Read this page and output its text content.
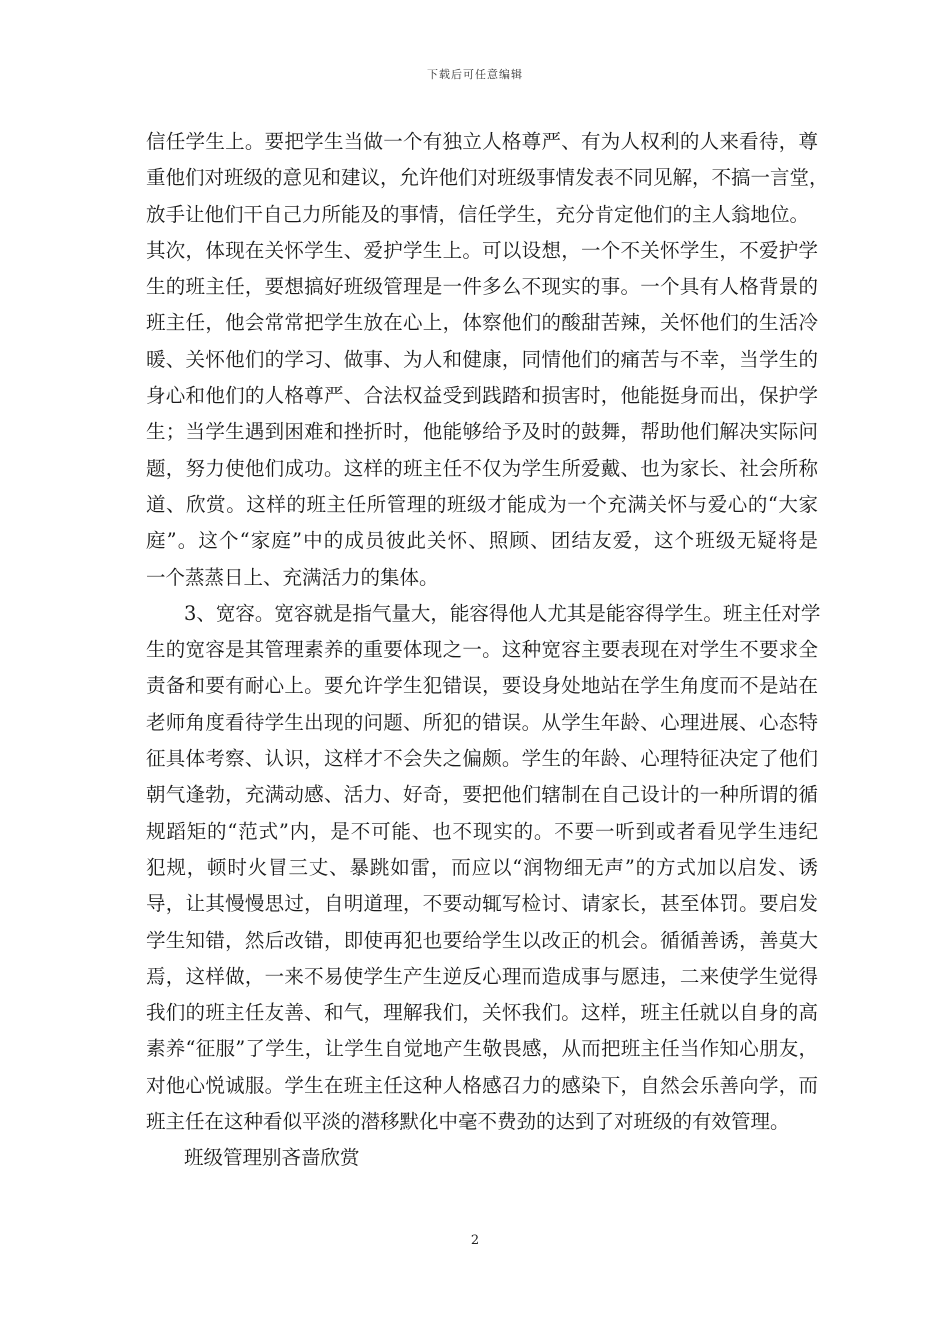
下载后可任意编辑
信任学生上。要把学生当做一个有独立人格尊严、有为人权利的人来看待，尊
重他们对班级的意见和建议，允许他们对班级事情发表不同见解，不搞一言堂，
放手让他们干自己力所能及的事情，信任学生，充分肯定他们的主人翁地位。
其次，体现在关怀学生、爱护学生上。可以设想，一个不关怀学生，不爱护学
生的班主任，要想搞好班级管理是一件多么不现实的事。一个具有人格背景的
班主任，他会常常把学生放在心上，体察他们的酸甜苦辣，关怀他们的生活冷
暖、关怀他们的学习、做事、为人和健康，同情他们的痛苦与不幸，当学生的
身心和他们的人格尊严、合法权益受到践踏和损害时，他能挺身而出，保护学
生；当学生遇到困难和挫折时，他能够给予及时的鼓舞，帮助他们解决实际问
题，努力使他们成功。这样的班主任不仅为学生所爱戴、也为家长、社会所称
道、欣赏。这样的班主任所管理的班级才能成为一个充满关怀与爱心的“大家
庭”。这个“家庭”中的成员彼此关怀、照顾、团结友爱，这个班级无疑将是
一个蒸蒸日上、充满活力的集体。
3、宽容。宽容就是指气量大，能容得他人尤其是能容得学生。班主任对学
生的宽容是其管理素养的重要体现之一。这种宽容主要表现在对学生不要求全
责备和要有耐心上。要允许学生犯错误，要设身处地站在学生角度而不是站在
老师角度看待学生出现的问题、所犯的错误。从学生年龄、心理进展、心态特
征具体考察、认识，这样才不会失之偏颇。学生的年龄、心理特征决定了他们
朝气逢勃，充满动感、活力、好奇，要把他们辖制在自己设计的一种所谓的循
规蹈矩的“范式”内，是不可能、也不现实的。不要一听到或者看见学生违纪
犯规，顿时火冒三丈、暴跳如雷，而应以“润物细无声”的方式加以启发、诱
导，让其慢慢思过，自明道理，不要动辄写检讨、请家长，甚至体罚。要启发
学生知错，然后改错，即使再犯也要给学生以改正的机会。循循善诱，善莫大
焉，这样做，一来不易使学生产生逆反心理而造成事与愿违，二来使学生觉得
我们的班主任友善、和气，理解我们，关怀我们。这样，班主任就以自身的高
素养“征服”了学生，让学生自觉地产生敬畏感，从而把班主任当作知心朋友，
对他心悦诚服。学生在班主任这种人格感召力的感染下，自然会乐善向学，而
班主任在这种看似平淡的潜移默化中毫不费劲的达到了对班级的有效管理。
班级管理别吝啬欣赏
2
